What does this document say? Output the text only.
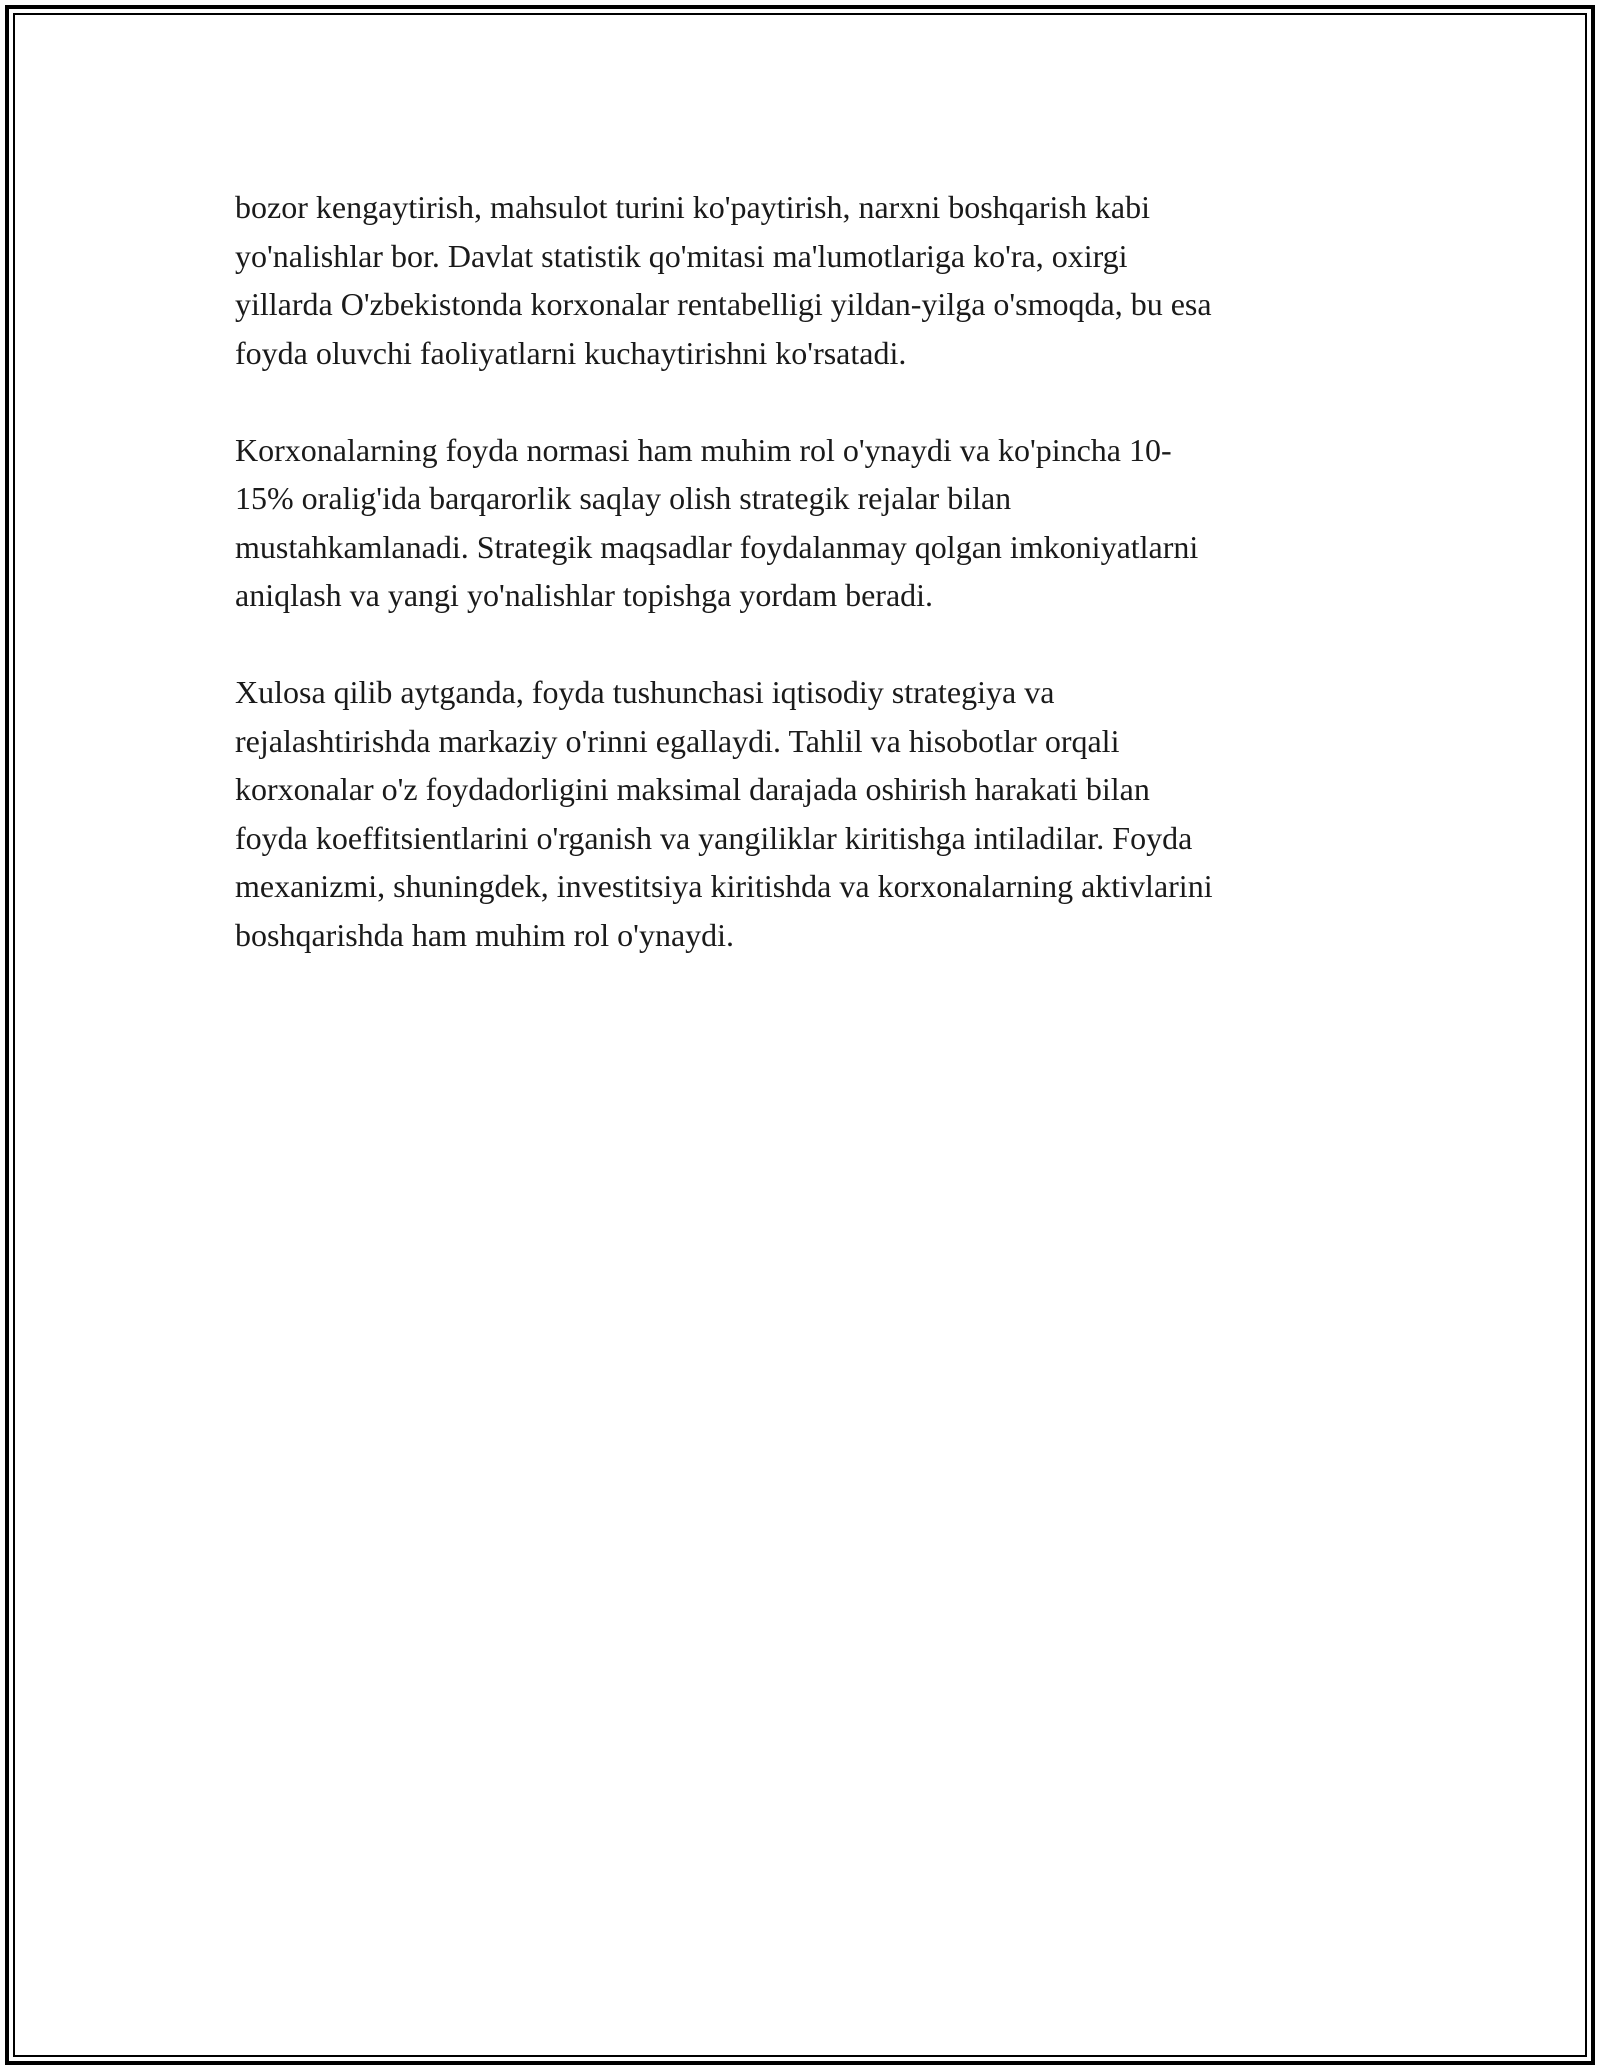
bozor kengaytirish, mahsulot turini ko'paytirish, narxni boshqarish kabi
yo'nalishlar bor. Davlat statistik qo'mitasi ma'lumotlariga ko'ra, oxirgi
yillarda O'zbekistonda korxonalar rentabelligi yildan-yilga o'smoqda, bu esa
foyda oluvchi faoliyatlarni kuchaytirishni ko'rsatadi.

Korxonalarning foyda normasi ham muhim rol o'ynaydi va ko'pincha 10-
15% oralig'ida barqarorlik saqlay olish strategik rejalar bilan
mustahkamlanadi. Strategik maqsadlar foydalanmay qolgan imkoniyatlarni
aniqlash va yangi yo'nalishlar topishga yordam beradi.

Xulosa qilib aytganda, foyda tushunchasi iqtisodiy strategiya va
rejalashtirishda markaziy o'rinni egallaydi. Tahlil va hisobotlar orqali
korxonalar o'z foydadorligini maksimal darajada oshirish harakati bilan
foyda koeffitsientlarini o'rganish va yangiliklar kiritishga intiladilar. Foyda
mexanizmi, shuningdek, investitsiya kiritishda va korxonalarning aktivlarini
boshqarishda ham muhim rol o'ynaydi.
